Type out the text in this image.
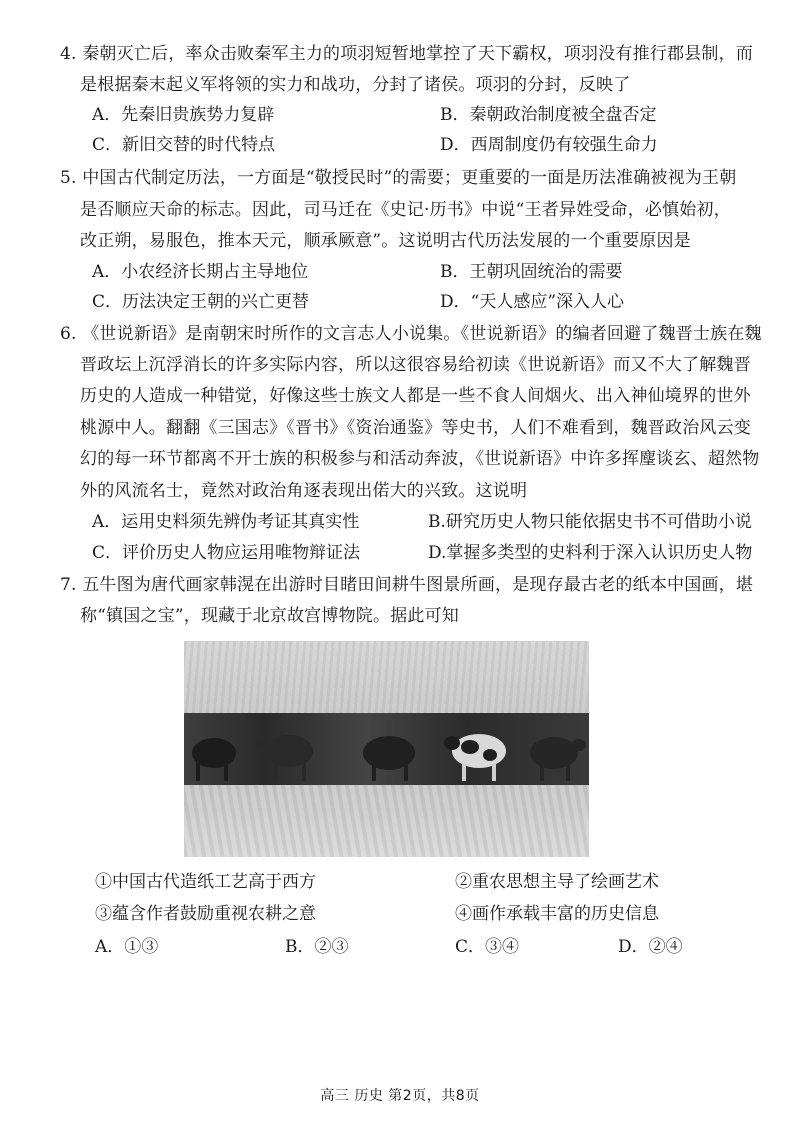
4. 秦朝灭亡后，率众击败秦军主力的项羽短暂地掌控了天下霸权，项羽没有推行郡县制，而
是根据秦末起义军将领的实力和战功，分封了诸侯。项羽的分封，反映了
A．先秦旧贵族势力复辟	B．秦朝政治制度被全盘否定
C．新旧交替的时代特点	D．西周制度仍有较强生命力
5. 中国古代制定历法，一方面是“敬授民时”的需要；更重要的一面是历法准确被视为王朝
是否顺应天命的标志。因此，司马迁在《史记·历书》中说“王者异姓受命，必慎始初，
改正朔，易服色，推本天元，顺承厥意”。这说明古代历法发展的一个重要原因是
A．小农经济长期占主导地位	B．王朝巩固统治的需要
C．历法决定王朝的兴亡更替	D．“天人感应”深入人心
6. 《世说新语》是南朝宋时所作的文言志人小说集。《世说新语》的编者回避了魏晋士族在魏
晋政坛上沉浮消长的许多实际内容，所以这很容易给初读《世说新语》而又不大了解魏晋
历史的人造成一种错觉，好像这些士族文人都是一些不食人间烟火、出入神仙境界的世外
桃源中人。翻翻《三国志》《晋书》《资治通鉴》等史书，人们不难看到，魏晋政治风云变
幻的每一环节都离不开士族的积极参与和活动奔波，《世说新语》中许多挥麈谈玄、超然物
外的风流名士，竟然对政治角逐表现出偌大的兴致。这说明
A．运用史料须先辨伪考证其真实性	B.研究历史人物只能依据史书不可借助小说
C．评价历史人物应运用唯物辩证法	D.掌握多类型的史料利于深入认识历史人物
7. 五牛图为唐代画家韩滉在出游时目睹田间耕牛图景所画，是现存最古老的纸本中国画，堪
称“镇国之宝”，现藏于北京故宫博物院。据此可知
①中国古代造纸工艺高于西方	②重农思想主导了绘画艺术
③蕴含作者鼓励重视农耕之意	④画作承载丰富的历史信息
A．①③	B．②③	C．③④	D．②④
高三 历史 第2页，共8页
